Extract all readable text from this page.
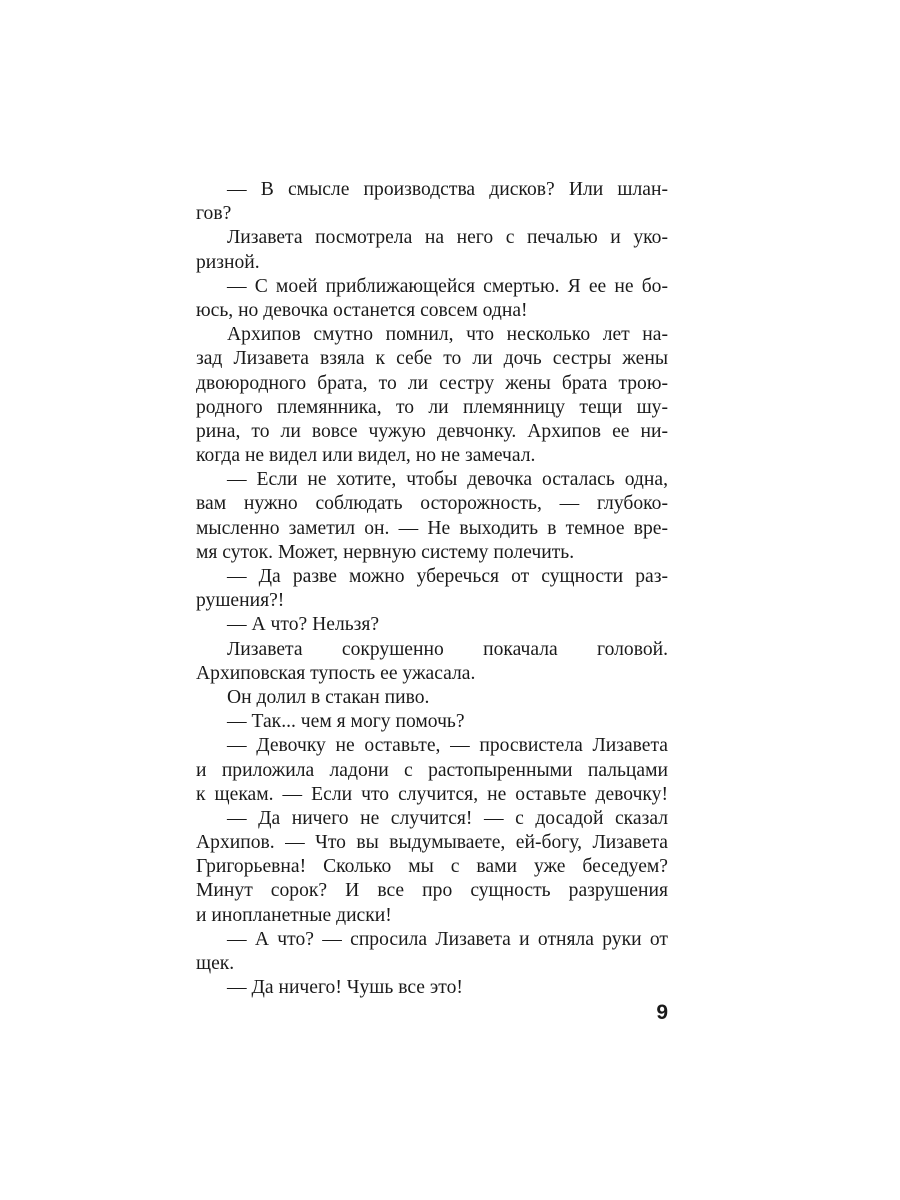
— В смысле производства дисков? Или шлан-
гов?
Лизавета посмотрела на него с печалью и уко-
ризной.
— С моей приближающейся смертью. Я ее не бо-
юсь, но девочка останется совсем одна!
Архипов смутно помнил, что несколько лет на-
зад Лизавета взяла к себе то ли дочь сестры жены
двоюродного брата, то ли сестру жены брата трою-
родного племянника, то ли племянницу тещи шу-
рина, то ли вовсе чужую девчонку. Архипов ее ни-
когда не видел или видел, но не замечал.
— Если не хотите, чтобы девочка осталась одна,
вам нужно соблюдать осторожность, — глубоко-
мысленно заметил он. — Не выходить в темное вре-
мя суток. Может, нервную систему полечить.
— Да разве можно уберечься от сущности раз-
рушения?!
— А что? Нельзя?
Лизавета сокрушенно покачала головой.
Архиповская тупость ее ужасала.
Он долил в стакан пиво.
— Так... чем я могу помочь?
— Девочку не оставьте, — просвистела Лизавета
и приложила ладони с растопыренными пальцами
к щекам. — Если что случится, не оставьте девочку!
— Да ничего не случится! — с досадой сказал
Архипов. — Что вы выдумываете, ей-богу, Лизавета
Григорьевна! Сколько мы с вами уже беседуем?
Минут сорок? И все про сущность разрушения
и инопланетные диски!
— А что? — спросила Лизавета и отняла руки от
щек.
— Да ничего! Чушь все это!
9
